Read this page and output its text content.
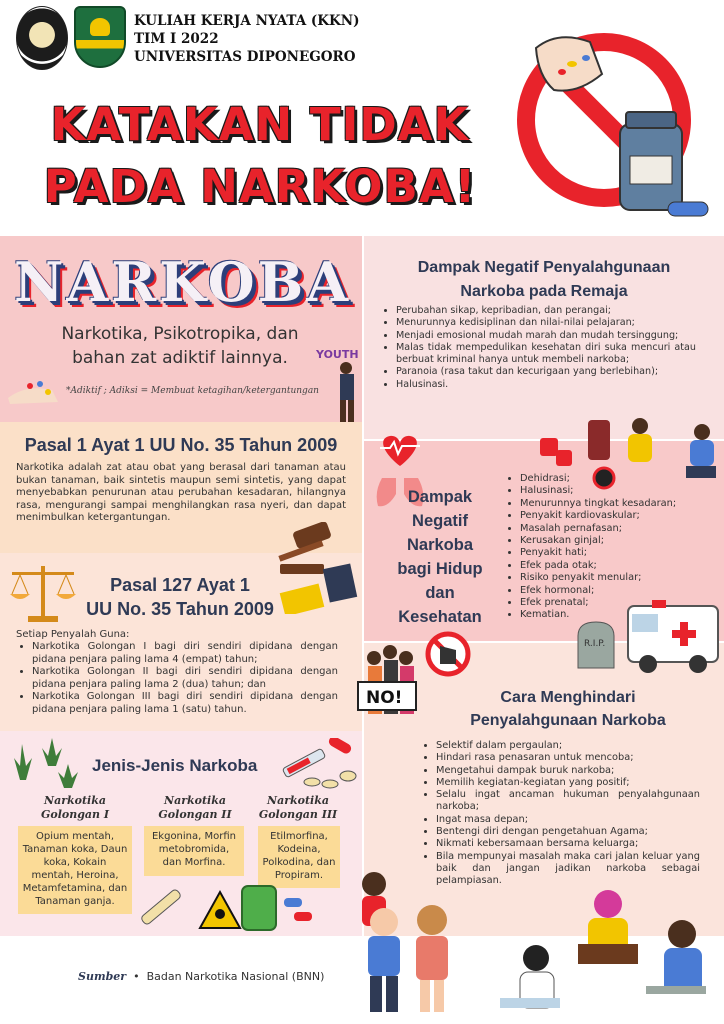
KULIAH KERJA NYATA (KKN)
TIM I 2022
UNIVERSITAS DIPONEGORO
KATAKAN TIDAK
PADA NARKOBA!
NARKOBA
Narkotika, Psikotropika, dan bahan zat adiktif lainnya.
*Adiktif ; Adiksi = Membuat ketagihan/ketergantungan
YOUTH
Pasal 1 Ayat 1 UU No. 35 Tahun 2009
Narkotika adalah zat atau obat yang berasal dari tanaman atau bukan tanaman, baik sintetis maupun semi sintetis, yang dapat menyebabkan penurunan atau perubahan kesadaran, hilangnya rasa, mengurangi sampai menghilangkan rasa nyeri, dan dapat menimbulkan ketergantungan.
Pasal 127 Ayat 1
UU No. 35 Tahun 2009
Setiap Penyalah Guna:
• Narkotika Golongan I bagi diri sendiri dipidana dengan pidana penjara paling lama 4 (empat) tahun;
• Narkotika Golongan II bagi diri sendiri dipidana dengan pidana penjara paling lama 2 (dua) tahun; dan
• Narkotika Golongan III bagi diri sendiri dipidana dengan pidana penjara paling lama 1 (satu) tahun.
Jenis-Jenis Narkoba
Narkotika
Golongan I
Narkotika
Golongan II
Narkotika
Golongan III
Opium mentah, Tanaman koka, Daun koka, Kokain mentah, Heroina, Metamfetamina, dan Tanaman ganja.
Ekgonina, Morfin metobromida, dan Morfina.
Etilmorfina, Kodeina, Polkodina, dan Propiram.
Dampak Negatif Penyalahgunaan
Narkoba pada Remaja
• Perubahan sikap, kepribadian, dan perangai;
• Menurunnya kedisiplinan dan nilai-nilai pelajaran;
• Menjadi emosional mudah marah dan mudah tersinggung;
• Malas tidak mempedulikan kesehatan diri suka mencuri atau berbuat kriminal hanya untuk membeli narkoba;
• Paranoia (rasa takut dan kecurigaan yang berlebihan);
• Halusinasi.
Dampak
Negatif
Narkoba
bagi Hidup
dan
Kesehatan
• Dehidrasi;
• Halusinasi;
• Menurunnya tingkat kesadaran;
• Penyakit kardiovaskular;
• Masalah pernafasan;
• Kerusakan ginjal;
• Penyakit hati;
• Efek pada otak;
• Risiko penyakit menular;
• Efek hormonal;
• Efek prenatal;
• Kematian.
R.I.P.
NO!	Cara Menghindari
Penyalahgunaan Narkoba
• Selektif dalam pergaulan;
• Hindari rasa penasaran untuk mencoba;
• Mengetahui dampak buruk narkoba;
• Memilih kegiatan-kegiatan yang positif;
• Selalu ingat ancaman hukuman penyalahgunaan narkoba;
• Ingat masa depan;
• Bentengi diri dengan pengetahuan Agama;
• Nikmati kebersamaan bersama keluarga;
• Bila mempunyai masalah maka cari jalan keluar yang baik dan jangan jadikan narkoba sebagai pelampiasan.
Sumber  •  Badan Narkotika Nasional (BNN)
